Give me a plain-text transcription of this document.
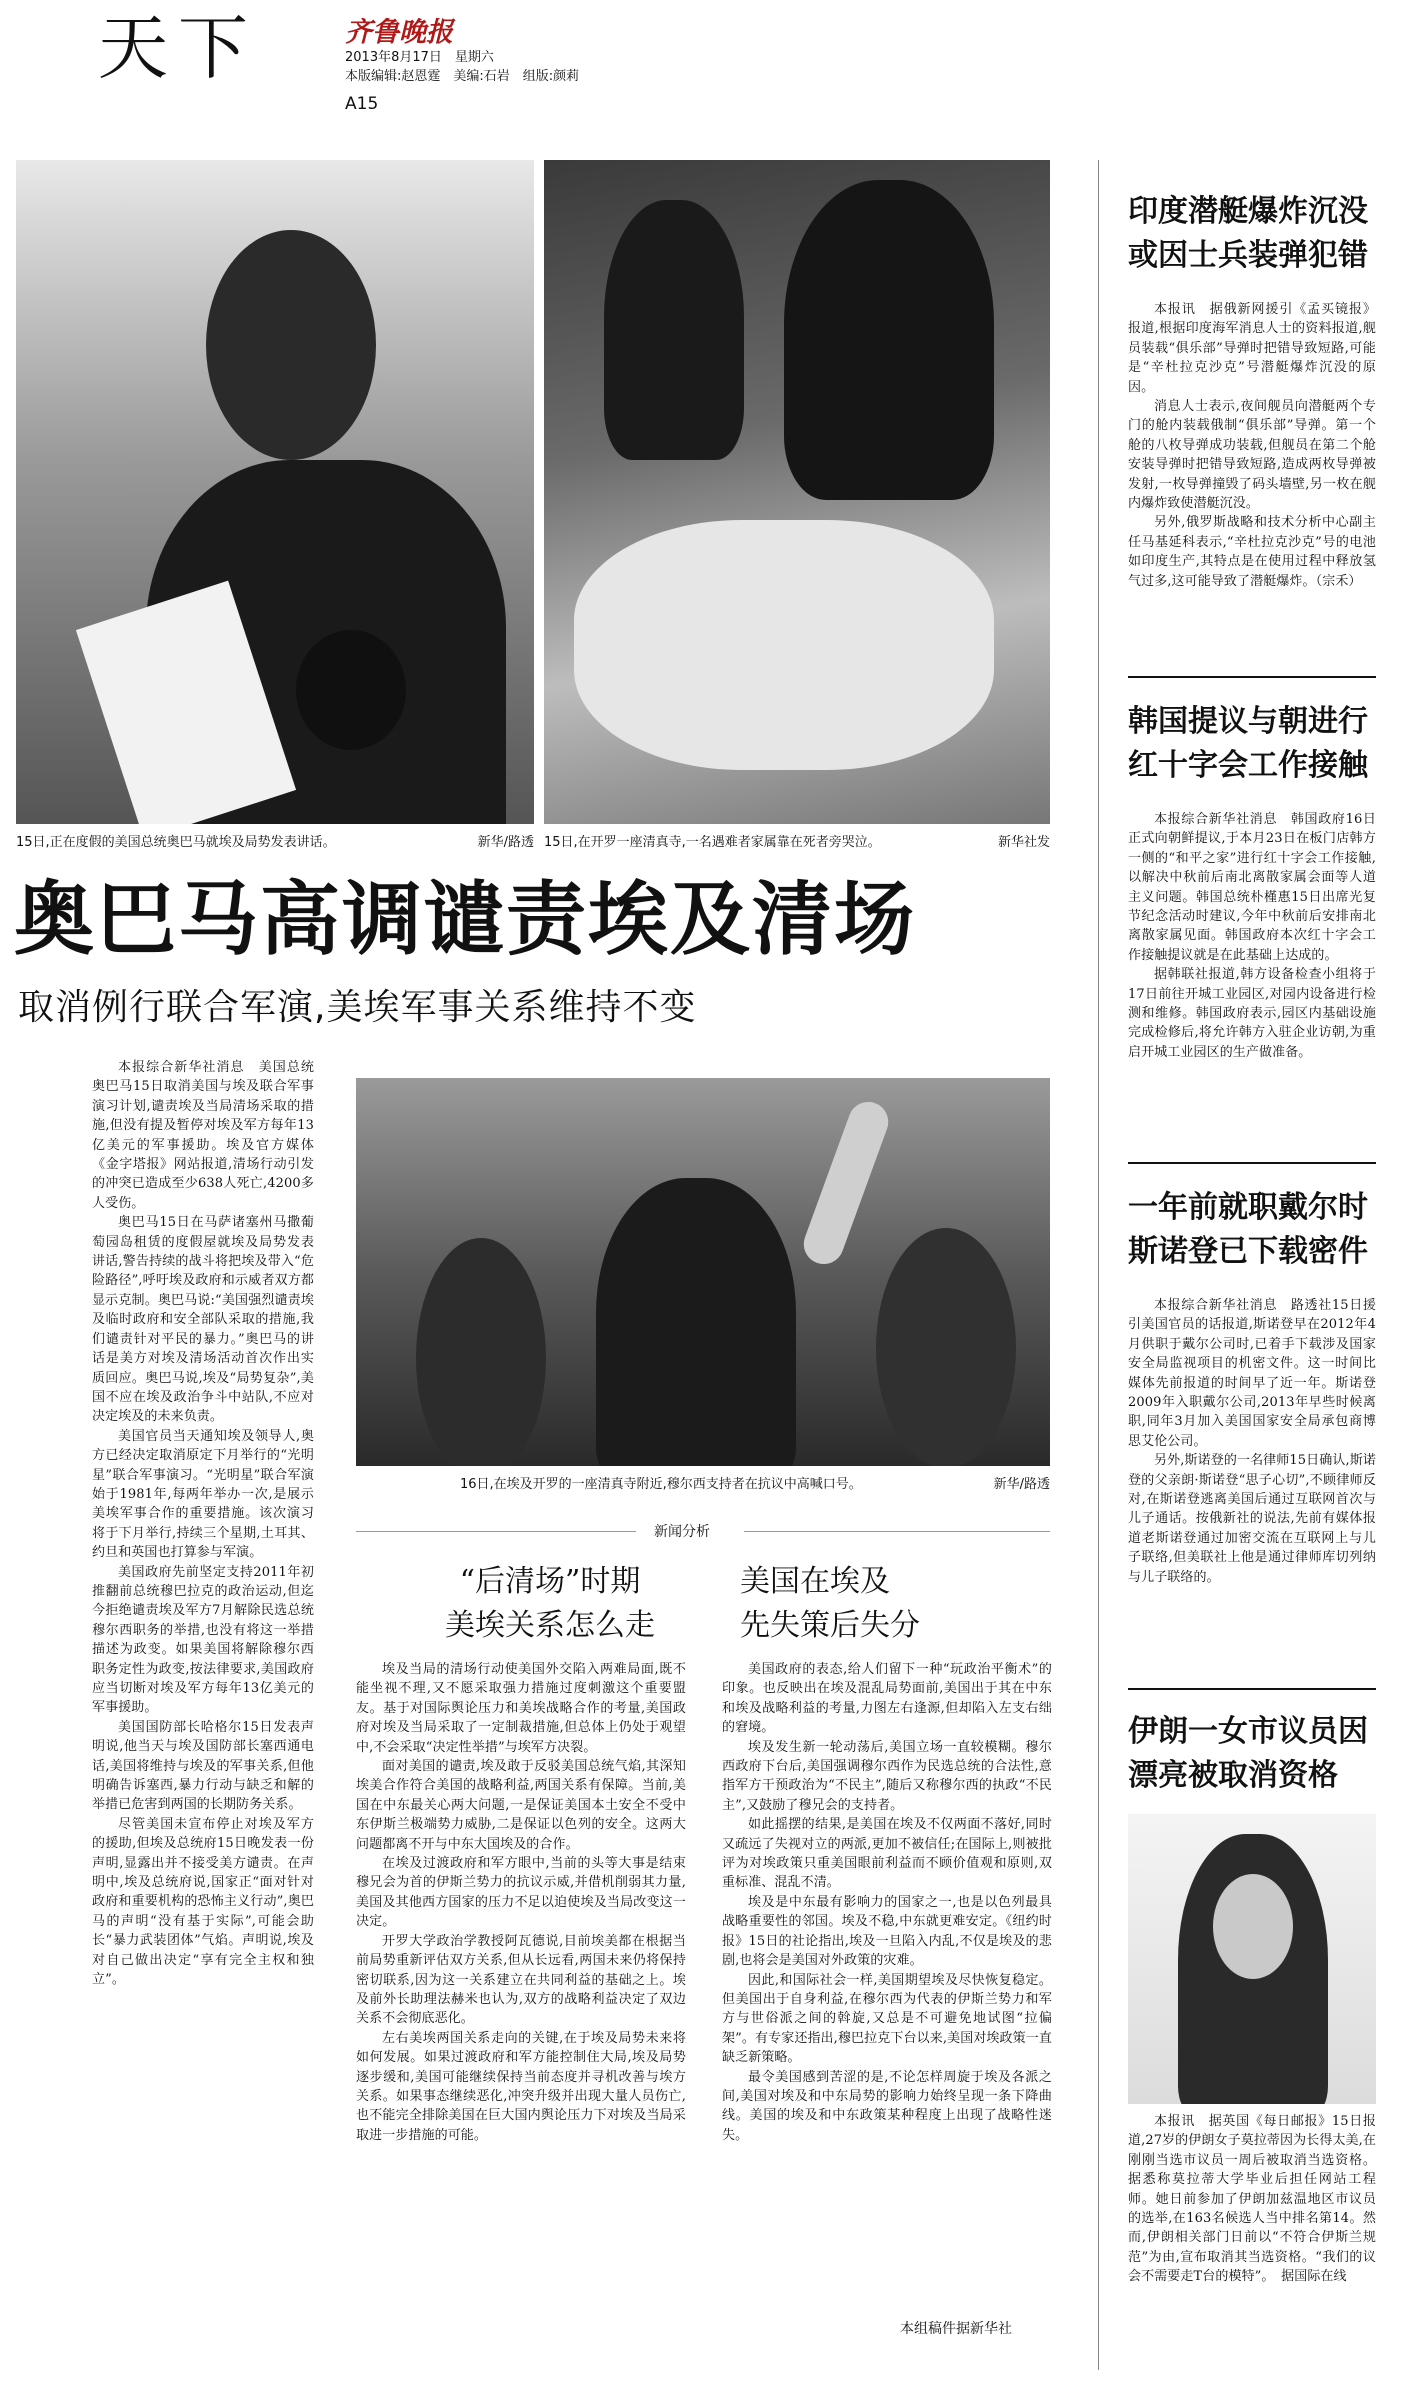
天下	齐鲁晚报
2013年8月17日　星期六
本版编辑:赵恩霆　美编:石岩　组版:颜莉
A15
15日,正在度假的美国总统奥巴马就埃及局势发表讲话。	新华/路透 15日,在开罗一座清真寺,一名遇难者家属靠在死者旁哭泣。	新华社发
奥巴马高调谴责埃及清场
取消例行联合军演,美埃军事关系维持不变

本报综合新华社消息　美国总统奥巴马15日取消美国与埃及联合军事演习计划,谴责埃及当局清场采取的措施,但没有提及暂停对埃及军方每年13亿美元的军事援助。埃及官方媒体《金字塔报》网站报道,清场行动引发的冲突已造成至少638人死亡,4200多人受伤。

奥巴马15日在马萨诸塞州马撒葡萄园岛租赁的度假屋就埃及局势发表讲话,警告持续的战斗将把埃及带入“危险路径”,呼吁埃及政府和示威者双方都显示克制。奥巴马说:“美国强烈谴责埃及临时政府和安全部队采取的措施,我们谴责针对平民的暴力。”奥巴马的讲话是美方对埃及清场活动首次作出实质回应。奥巴马说,埃及“局势复杂”,美国不应在埃及政治争斗中站队,不应对决定埃及的未来负责。

美国官员当天通知埃及领导人,奥方已经决定取消原定下月举行的“光明星”联合军事演习。“光明星”联合军演始于1981年,每两年举办一次,是展示美埃军事合作的重要措施。该次演习将于下月举行,持续三个星期,土耳其、约旦和英国也打算参与军演。

美国政府先前坚定支持2011年初推翻前总统穆巴拉克的政治运动,但迄今拒绝谴责埃及军方7月解除民选总统穆尔西职务的举措,也没有将这一举措描述为政变。如果美国将解除穆尔西职务定性为政变,按法律要求,美国政府应当切断对埃及军方每年13亿美元的军事援助。

美国国防部长哈格尔15日发表声明说,他当天与埃及国防部长塞西通电话,美国将维持与埃及的军事关系,但他明确告诉塞西,暴力行动与缺乏和解的举措已危害到两国的长期防务关系。

尽管美国未宣布停止对埃及军方的援助,但埃及总统府15日晚发表一份声明,显露出并不接受美方谴责。在声明中,埃及总统府说,国家正“面对针对政府和重要机构的恐怖主义行动”,奥巴马的声明“没有基于实际”,可能会助长“暴力武装团体”气焰。声明说,埃及对自己做出决定“享有完全主权和独立”。

16日,在埃及开罗的一座清真寺附近,穆尔西支持者在抗议中高喊口号。	新华/路透
新闻分析
“后清场”时期
美埃关系怎么走
美国在埃及
先失策后失分

埃及当局的清场行动使美国外交陷入两难局面,既不能坐视不理,又不愿采取强力措施过度刺激这个重要盟友。基于对国际舆论压力和美埃战略合作的考量,美国政府对埃及当局采取了一定制裁措施,但总体上仍处于观望中,不会采取“决定性举措”与埃军方决裂。

面对美国的谴责,埃及敢于反驳美国总统气焰,其深知埃美合作符合美国的战略利益,两国关系有保障。当前,美国在中东最关心两大问题,一是保证美国本土安全不受中东伊斯兰极端势力威胁,二是保证以色列的安全。这两大问题都离不开与中东大国埃及的合作。

在埃及过渡政府和军方眼中,当前的头等大事是结束穆兄会为首的伊斯兰势力的抗议示威,并借机削弱其力量,美国及其他西方国家的压力不足以迫使埃及当局改变这一决定。

开罗大学政治学教授阿瓦德说,目前埃美都在根据当前局势重新评估双方关系,但从长远看,两国未来仍将保持密切联系,因为这一关系建立在共同利益的基础之上。埃及前外长助理法赫米也认为,双方的战略利益决定了双边关系不会彻底恶化。

左右美埃两国关系走向的关键,在于埃及局势未来将如何发展。如果过渡政府和军方能控制住大局,埃及局势逐步缓和,美国可能继续保持当前态度并寻机改善与埃方关系。如果事态继续恶化,冲突升级并出现大量人员伤亡,也不能完全排除美国在巨大国内舆论压力下对埃及当局采取进一步措施的可能。

美国政府的表态,给人们留下一种“玩政治平衡术”的印象。也反映出在埃及混乱局势面前,美国出于其在中东和埃及战略利益的考量,力图左右逢源,但却陷入左支右绌的窘境。

埃及发生新一轮动荡后,美国立场一直较模糊。穆尔西政府下台后,美国强调穆尔西作为民选总统的合法性,意指军方干预政治为“不民主”,随后又称穆尔西的执政“不民主”,又鼓励了穆兄会的支持者。

如此摇摆的结果,是美国在埃及不仅两面不落好,同时又疏远了失视对立的两派,更加不被信任;在国际上,则被批评为对埃政策只重美国眼前利益而不顾价值观和原则,双重标准、混乱不清。

埃及是中东最有影响力的国家之一,也是以色列最具战略重要性的邻国。埃及不稳,中东就更难安定。《纽约时报》15日的社论指出,埃及一旦陷入内乱,不仅是埃及的悲剧,也将会是美国对外政策的灾难。

因此,和国际社会一样,美国期望埃及尽快恢复稳定。但美国出于自身利益,在穆尔西为代表的伊斯兰势力和军方与世俗派之间的斡旋,又总是不可避免地试图“拉偏架”。有专家还指出,穆巴拉克下台以来,美国对埃政策一直缺乏新策略。

最令美国感到苦涩的是,不论怎样周旋于埃及各派之间,美国对埃及和中东局势的影响力始终呈现一条下降曲线。美国的埃及和中东政策某种程度上出现了战略性迷失。

本组稿件据新华社

印度潜艇爆炸沉没或因士兵装弹犯错

本报讯　据俄新网援引《孟买镜报》报道,根据印度海军消息人士的资料报道,舰员装载“俱乐部”导弹时把错导致短路,可能是“辛杜拉克沙克”号潜艇爆炸沉没的原因。

消息人士表示,夜间舰员向潜艇两个专门的舱内装载俄制“俱乐部”导弹。第一个舱的八枚导弹成功装载,但舰员在第二个舱安装导弹时把错导致短路,造成两枚导弹被发射,一枚导弹撞毁了码头墙壁,另一枚在舰内爆炸致使潜艇沉没。

另外,俄罗斯战略和技术分析中心副主任马基延科表示,“辛杜拉克沙克”号的电池如印度生产,其特点是在使用过程中释放氢气过多,这可能导致了潜艇爆炸。（宗禾）

韩国提议与朝进行红十字会工作接触

本报综合新华社消息　韩国政府16日正式向朝鲜提议,于本月23日在板门店韩方一侧的“和平之家”进行红十字会工作接触,以解决中秋前后南北离散家属会面等人道主义问题。韩国总统朴槿惠15日出席光复节纪念活动时建议,今年中秋前后安排南北离散家属见面。韩国政府本次红十字会工作接触提议就是在此基础上达成的。

据韩联社报道,韩方设备检查小组将于17日前往开城工业园区,对园内设备进行检测和维修。韩国政府表示,园区内基础设施完成检修后,将允许韩方入驻企业访朝,为重启开城工业园区的生产做准备。

一年前就职戴尔时斯诺登已下载密件

本报综合新华社消息　路透社15日援引美国官员的话报道,斯诺登早在2012年4月供职于戴尔公司时,已着手下载涉及国家安全局监视项目的机密文件。这一时间比媒体先前报道的时间早了近一年。斯诺登2009年入职戴尔公司,2013年早些时候离职,同年3月加入美国国家安全局承包商博思艾伦公司。

另外,斯诺登的一名律师15日确认,斯诺登的父亲朗·斯诺登“思子心切”,不顾律师反对,在斯诺登逃离美国后通过互联网首次与儿子通话。按俄新社的说法,先前有媒体报道老斯诺登通过加密交流在互联网上与儿子联络,但美联社上他是通过律师库切列纳与儿子联络的。

伊朗一女市议员因漂亮被取消资格

本报讯　据英国《每日邮报》15日报道,27岁的伊朗女子莫拉蒂因为长得太美,在刚刚当选市议员一周后被取消当选资格。据悉称莫拉蒂大学毕业后担任网站工程师。她日前参加了伊朗加兹温地区市议员的选举,在163名候选人当中排名第14。然而,伊朗相关部门日前以“不符合伊斯兰规范”为由,宣布取消其当选资格。“我们的议会不需要走T台的模特”。　据国际在线
